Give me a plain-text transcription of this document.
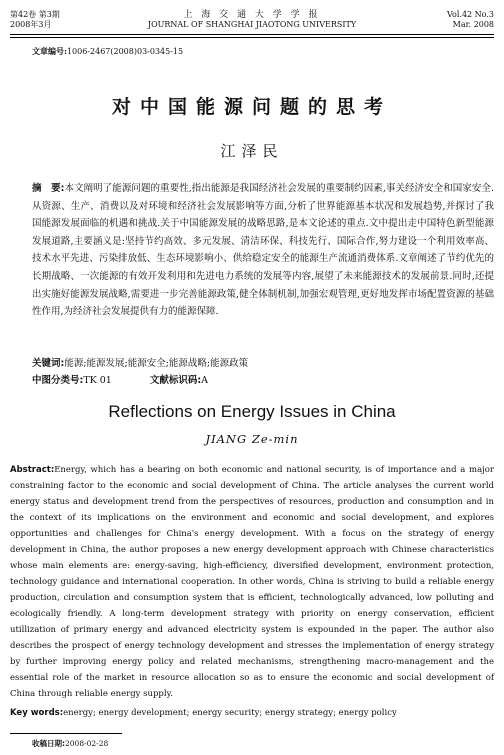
第42卷 第3期
2008年3月
上 海 交 通 大 学 学 报
JOURNAL OF SHANGHAI JIAOTONG UNIVERSITY
Vol.42 No.3
Mar. 2008
文章编号:1006-2467(2008)03-0345-15
对中国能源问题的思考
江泽民
摘　要:本文阐明了能源问题的重要性,指出能源是我国经济社会发展的重要制约因素,事关经济安全和国家安全.从资源、生产、消费以及对环境和经济社会发展影响等方面,分析了世界能源基本状况和发展趋势,并探讨了我国能源发展面临的机遇和挑战.关于中国能源发展的战略思路,是本文论述的重点.文中提出走中国特色新型能源发展道路,主要涵义是:坚持节约高效、多元发展、清洁环保、科技先行、国际合作,努力建设一个利用效率高、技术水平先进、污染排放低、生态环境影响小、供给稳定安全的能源生产流通消费体系.文章阐述了节约优先的长期战略、一次能源的有效开发利用和先进电力系统的发展等内容,展望了未来能源技术的发展前景.同时,还提出实施好能源发展战略,需要进一步完善能源政策,健全体制机制,加强宏观管理,更好地发挥市场配置资源的基础性作用,为经济社会发展提供有力的能源保障.
关键词:能源;能源发展;能源安全;能源战略;能源政策
中图分类号:TK 01	文献标识码:A
Reflections on Energy Issues in China
JIANG Ze-min
Abstract:Energy, which has a bearing on both economic and national security, is of importance and a major constraining factor to the economic and social development of China. The article analyses the current world energy status and development trend from the perspectives of resources, production and consumption and in the context of its implications on the environment and economic and social development, and explores opportunities and challenges for China's energy development. With a focus on the strategy of energy development in China, the author proposes a new energy development approach with Chinese characteristics whose main elements are: energy-saving, high-efficiency, diversified development, environment protection, technology guidance and international cooperation. In other words, China is striving to build a reliable energy production, circulation and consumption system that is efficient, technologically advanced, low polluting and ecologically friendly. A long-term development strategy with priority on energy conservation, efficient utillization of primary energy and advanced electricity system is expounded in the paper. The author also describes the prospect of energy technology development and stresses the implementation of energy strategy by further improving energy policy and related mechanisms, strengthening macro-management and the essential role of the market in resource allocation so as to ensure the economic and social development of China through reliable energy supply.
Key words:energy; energy development; energy security; energy strategy; energy policy
收稿日期:2008-02-28
